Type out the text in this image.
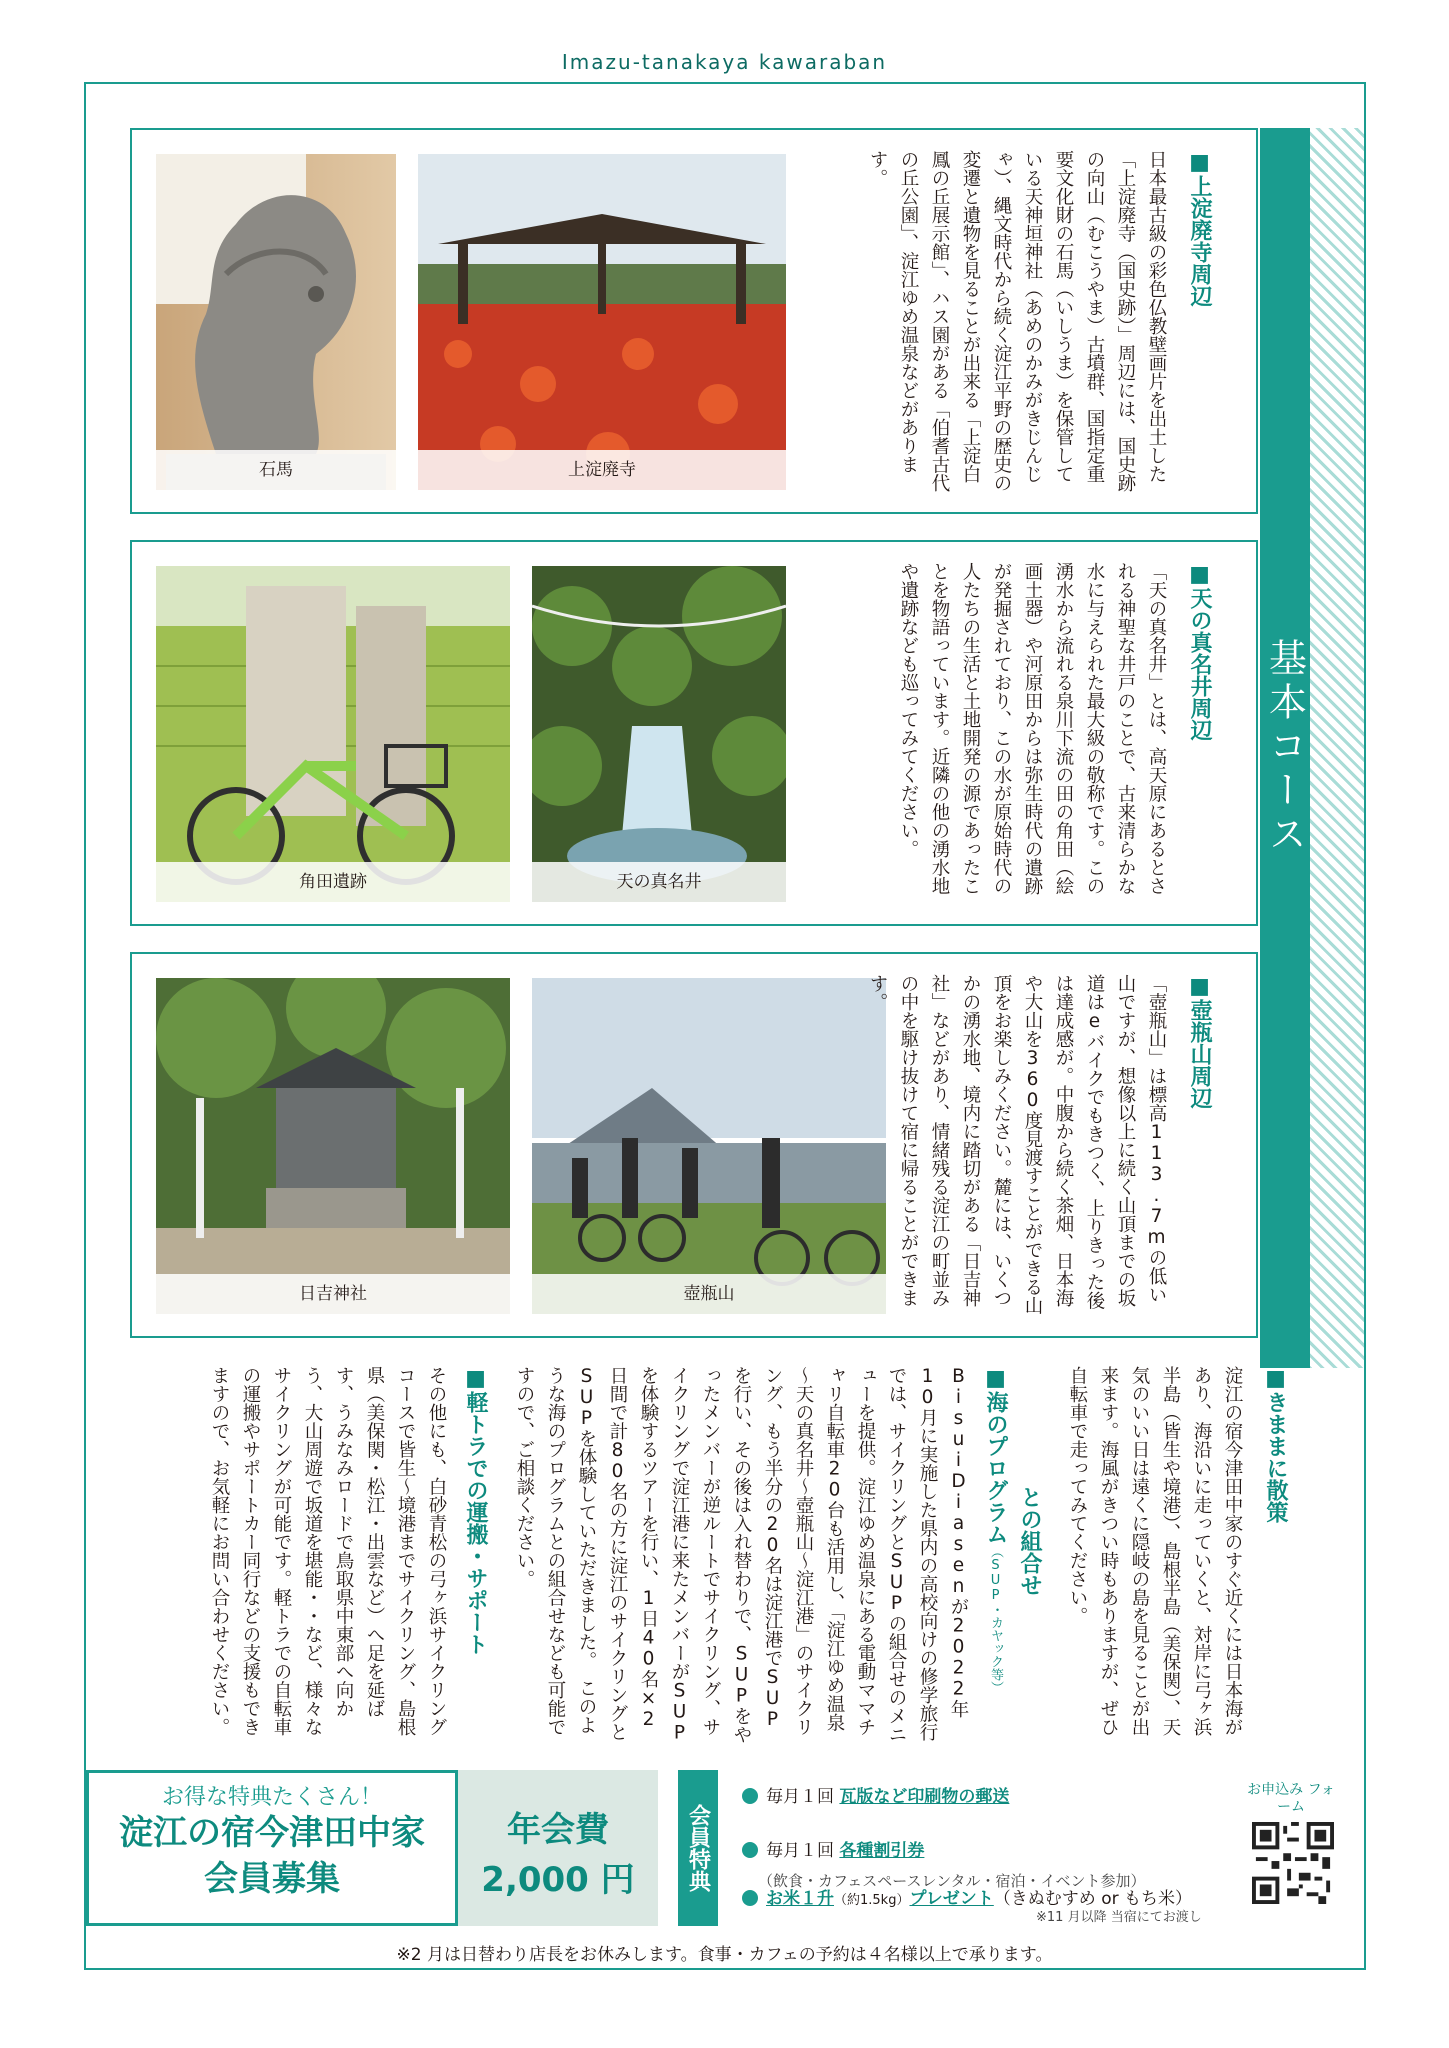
Imazu-tanakaya kawaraban
基本コース
石馬	上淀廃寺	日本最古級の彩色仏教壁画片を出土した「上淀廃寺（国史跡）」周辺には、国史跡の向山（むこうやま）古墳群、国指定重要文化財の石馬（いしうま）を保管している天神垣神社（あめのかみがきじんじゃ）、縄文時代から続く淀江平野の歴史の変遷と遺物を見ることが出来る「上淀白鳳の丘展示館」、ハス園がある「伯耆古代の丘公園」、淀江ゆめ温泉などがあります。	■上淀廃寺周辺
角田遺跡	天の真名井	「天の真名井」とは、高天原にあるとされる神聖な井戸のことで、古来清らかな水に与えられた最大級の敬称です。この湧水から流れる泉川下流の田の角田（絵画土器）や河原田からは弥生時代の遺跡が発掘されており、この水が原始時代の人たちの生活と土地開発の源であったことを物語っています。近隣の他の湧水地や遺跡なども巡ってみてください。	■天の真名井周辺
日吉神社	壺瓶山	「壺瓶山」は標高113.7mの低い山ですが、想像以上に続く山頂までの坂道はeバイクでもきつく、上りきった後は達成感が。中腹から続く茶畑、日本海や大山を360度見渡すことができる山頂をお楽しみください。麓には、いくつかの湧水地、境内に踏切がある「日吉神社」などがあり、情緒残る淀江の町並みの中を駆け抜けて宿に帰ることができます。	■壺瓶山周辺
■きままに散策
淀江の宿今津田中家のすぐ近くには日本海があり、海沿いに走っていくと、対岸に弓ヶ浜半島（皆生や境港）、島根半島（美保関）、天気のいい日は遠くに隠岐の島を見ることが出来ます。海風がきつい時もありますが、ぜひ自転車で走ってみてください。
■海のプログラム（SUP・カヤック等）
との組合せ
BisuiDiasenが2022年10月に実施した県内の高校向けの修学旅行では、サイクリングとSUPの組合せのメニューを提供。淀江ゆめ温泉にある電動ママチャリ自転車20台も活用し、「淀江ゆめ温泉～天の真名井～壺瓶山～淀江港」のサイクリング、もう半分の20名は淀江港でSUPを行い、その後は入れ替わりで、SUPをやったメンバーが逆ルートでサイクリング、サイクリングで淀江港に来たメンバーがSUPを体験するツアーを行い、1日40名×2日間で計80名の方に淀江のサイクリングとSUPを体験していただきました。　このような海のプログラムとの組合せなども可能ですので、ご相談ください。
■軽トラでの運搬・サポート
その他にも、白砂青松の弓ヶ浜サイクリングコースで皆生～境港までサイクリング、島根県（美保関・松江・出雲など）へ足を延ばす、うみなみロードで鳥取県中東部へ向かう、大山周遊で坂道を堪能・・など、様々なサイクリングが可能です。軽トラでの自転車の運搬やサポートカー同行などの支援もできますので、お気軽にお問い合わせください。
お得な特典たくさん！
淀江の宿今津田中家
会員募集
年会費
2,000 円	会員特典
毎月１回 瓦版など印刷物の郵送
毎月１回 各種割引券
（飲食・カフェスペースレンタル・宿泊・イベント参加）
お米１升（約1.5kg）プレゼント（きぬむすめ or もち米）
※11 月以降 当宿にてお渡し
お申込み フォーム
※2 月は日替わり店長をお休みします。食事・カフェの予約は４名様以上で承ります。
